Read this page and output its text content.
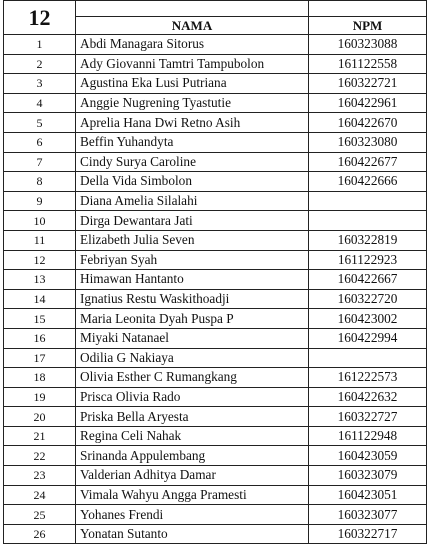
12		
	NAMA	NPM
1	Abdi Managara Sitorus	160323088
2	Ady Giovanni Tamtri Tampubolon	161122558
3	Agustina Eka Lusi Putriana	160322721
4	Anggie Nugrening Tyastutie	160422961
5	Aprelia Hana Dwi Retno Asih	160422670
6	Beffin Yuhandyta	160323080
7	Cindy Surya Caroline	160422677
8	Della Vida Simbolon	160422666
9	Diana Amelia Silalahi	
10	Dirga Dewantara Jati	
11	Elizabeth Julia Seven	160322819
12	Febriyan Syah	161122923
13	Himawan Hantanto	160422667
14	Ignatius Restu Waskithoadji	160322720
15	Maria Leonita Dyah Puspa P	160423002
16	Miyaki Natanael	160422994
17	Odilia G Nakiaya	
18	Olivia Esther C Rumangkang	161222573
19	Prisca Olivia Rado	160422632
20	Priska Bella Aryesta	160322727
21	Regina Celi Nahak	161122948
22	Srinanda Appulembang	160423059
23	Valderian Adhitya Damar	160323079
24	Vimala Wahyu Angga Pramesti	160423051
25	Yohanes Frendi	160323077
26	Yonatan Sutanto	160322717
